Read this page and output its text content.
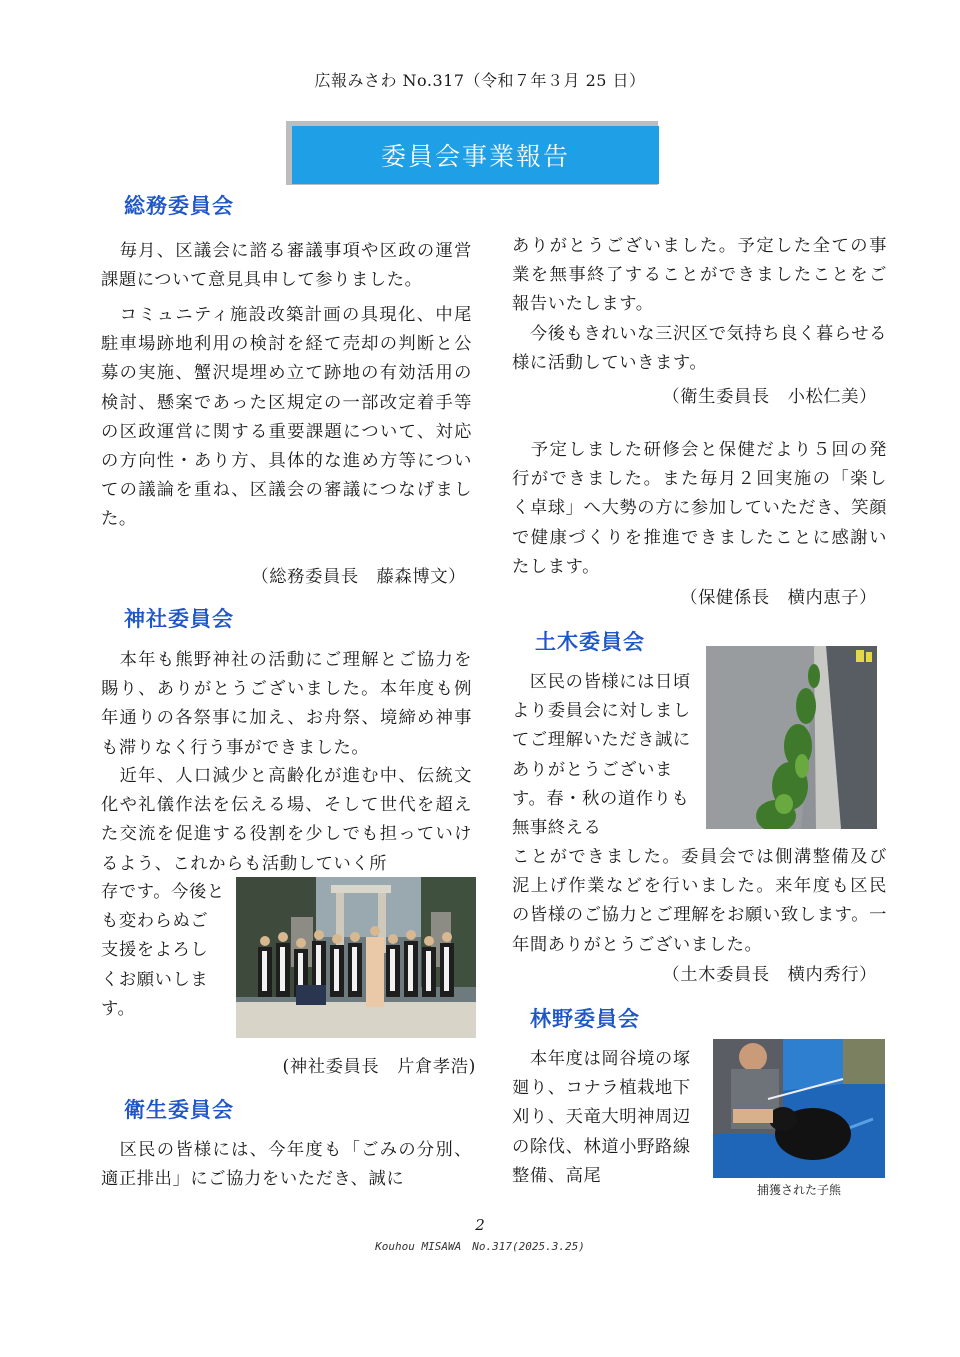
広報みさわ No.317（令和７年３月 25 日）
委員会事業報告
総務委員会

　毎月、区議会に諮る審議事項や区政の運営課題について意見具申して参りました。

　コミュニティ施設改築計画の具現化、中尾駐車場跡地利用の検討を経て売却の判断と公募の実施、蟹沢堤埋め立て跡地の有効活用の検討、懸案であった区規定の一部改定着手等の区政運営に関する重要課題について、対応の方向性・あり方、具体的な進め方等についての議論を重ね、区議会の審議につなげました。

（総務委員長　藤森博文）
神社委員会

　本年も熊野神社の活動にご理解とご協力を賜り、ありがとうございました。本年度も例年通りの各祭事に加え、お舟祭、境締め神事も滞りなく行う事ができました。

　近年、人口減少と高齢化が進む中、伝統文化や礼儀作法を伝える場、そして世代を超えた交流を促進する役割を少しでも担っていけるよう、これからも活動していく所

存です。今後とも変わらぬご支援をよろしくお願いします。

(神社委員長　片倉孝浩)
衛生委員会

　区民の皆様には、今年度も「ごみの分別、適正排出」にご協力をいただき、誠に

ありがとうございました。予定した全ての事業を無事終了することができましたことをご報告いたします。

　今後もきれいな三沢区で気持ち良く暮らせる様に活動していきます。

（衛生委員長　小松仁美）

　予定しました研修会と保健だより５回の発行ができました。また毎月２回実施の「楽しく卓球」へ大勢の方に参加していただき、笑顔で健康づくりを推進できましたことに感謝いたします。

（保健係長　横内恵子）
土木委員会

　区民の皆様には日頃より委員会に対しましてご理解いただき誠にありがとうございます。春・秋の道作りも無事終える

ことができました。委員会では側溝整備及び泥上げ作業などを行いました。来年度も区民の皆様のご協力とご理解をお願い致します。一年間ありがとうございました。

（土木委員長　横内秀行）
林野委員会

　本年度は岡谷境の塚廻り、コナラ植栽地下刈り、天竜大明神周辺の除伐、林道小野路線整備、高尾

捕獲された子熊
2
Kouhou MISAWA　No.317(2025.3.25)
